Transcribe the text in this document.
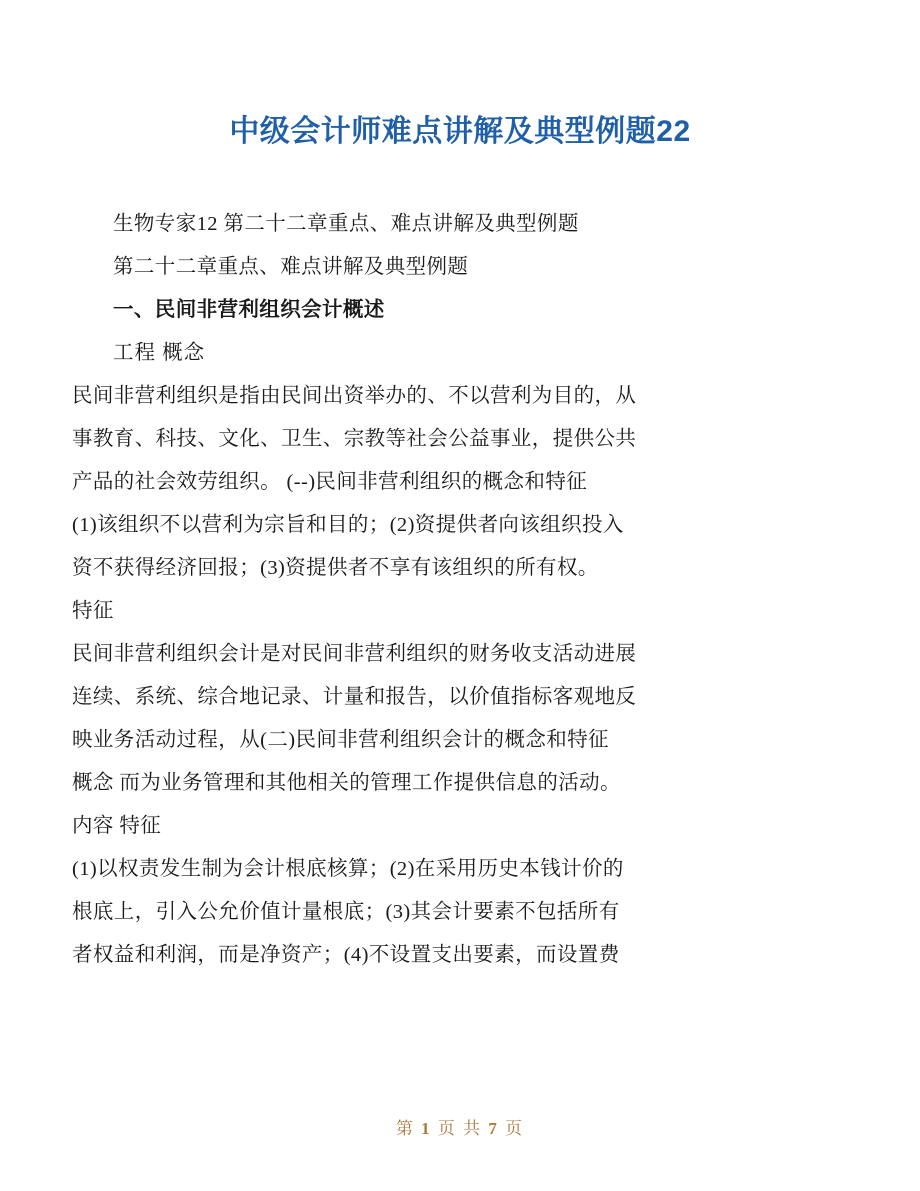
中级会计师难点讲解及典型例题22

生物专家12 第二十二章重点、难点讲解及典型例题

第二十二章重点、难点讲解及典型例题

一、民间非营利组织会计概述

工程 概念

民间非营利组织是指由民间出资举办的、不以营利为目的，从

事教育、科技、文化、卫生、宗教等社会公益事业，提供公共

产品的社会效劳组织。 (--)民间非营利组织的概念和特征

(1)该组织不以营利为宗旨和目的；(2)资提供者向该组织投入

资不获得经济回报；(3)资提供者不享有该组织的所有权。

特征

民间非营利组织会计是对民间非营利组织的财务收支活动进展

连续、系统、综合地记录、计量和报告，以价值指标客观地反

映业务活动过程，从(二)民间非营利组织会计的概念和特征

概念 而为业务管理和其他相关的管理工作提供信息的活动。

内容 特征

(1)以权责发生制为会计根底核算；(2)在采用历史本钱计价的

根底上，引入公允价值计量根底；(3)其会计要素不包括所有

者权益和利润，而是净资产；(4)不设置支出要素，而设置费

第 1 页 共 7 页
